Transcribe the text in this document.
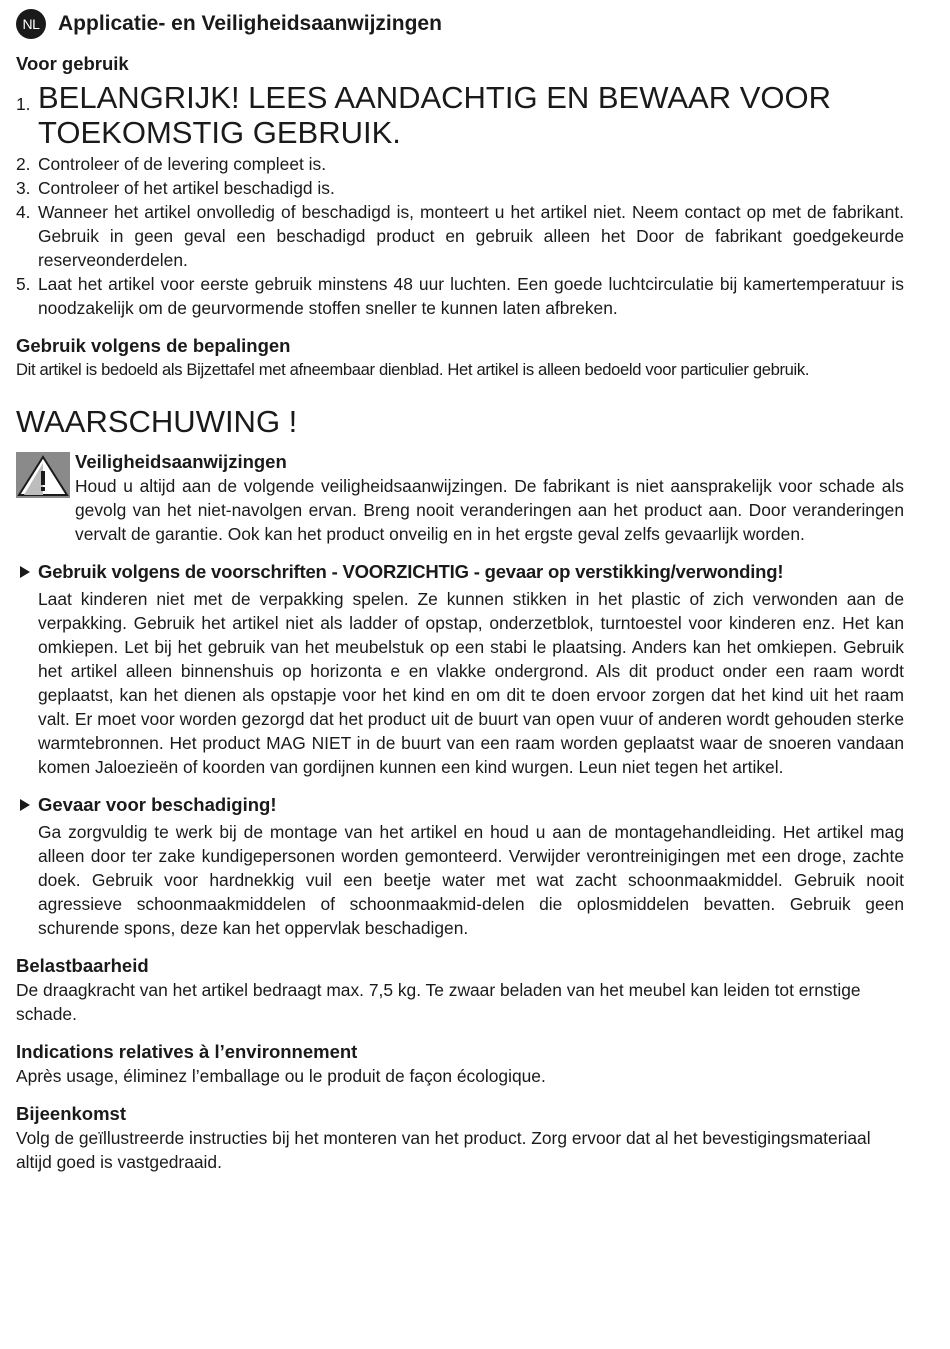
NL Applicatie- en Veiligheidsaanwijzingen
Voor gebruik
1. BELANGRIJK! LEES AANDACHTIG EN BEWAAR VOOR TOEKOMSTIG GEBRUIK.
2. Controleer of de levering compleet is.
3. Controleer of het artikel beschadigd is.
4. Wanneer het artikel onvolledig of beschadigd is, monteert u het artikel niet. Neem contact op met de fabrikant. Gebruik in geen geval een beschadigd product en gebruik alleen het Door de fabrikant goedgekeurde reserveonderdelen.
5. Laat het artikel voor eerste gebruik minstens 48 uur luchten. Een goede luchtcirculatie bij kamertemperatuur is noodzakelijk om de geurvormende stoffen sneller te kunnen laten afbreken.
Gebruik volgens de bepalingen

Dit artikel is bedoeld als Bijzettafel met afneembaar dienblad. Het artikel is alleen bedoeld voor particulier gebruik.

WAARSCHUWING !
Veiligheidsaanwijzingen

Houd u altijd aan de volgende veiligheidsaanwijzingen. De fabrikant is niet aansprakelijk voor schade als gevolg van het niet-navolgen ervan. Breng nooit veranderingen aan het product aan. Door veranderingen vervalt de garantie. Ook kan het product onveilig en in het ergste geval zelfs gevaarlijk worden.

Gebruik volgens de voorschriften - VOORZICHTIG - gevaar op verstikking/verwonding!

Laat kinderen niet met de verpakking spelen. Ze kunnen stikken in het plastic of zich verwonden aan de verpakking. Gebruik het artikel niet als ladder of opstap, onderzetblok, turntoestel voor kinderen enz. Het kan omkiepen. Let bij het gebruik van het meubelstuk op een stabi le plaatsing. Anders kan het omkiepen. Gebruik het artikel alleen binnenshuis op horizonta e en vlakke ondergrond. Als dit product onder een raam wordt geplaatst, kan het dienen als opstapje voor het kind en om dit te doen ervoor zorgen dat het kind uit het raam valt. Er moet voor worden gezorgd dat het product uit de buurt van open vuur of anderen wordt gehouden sterke warmtebronnen. Het product MAG NIET in de buurt van een raam worden geplaatst waar de snoeren vandaan komen Jaloezieën of koorden van gordijnen kunnen een kind wurgen. Leun niet tegen het artikel.

Gevaar voor beschadiging!

Ga zorgvuldig te werk bij de montage van het artikel en houd u aan de montagehandleiding. Het artikel mag alleen door ter zake kundigepersonen worden gemonteerd. Verwijder verontreinigingen met een droge, zachte doek. Gebruik voor hardnekkig vuil een beetje water met wat zacht schoonmaakmiddel. Gebruik nooit agressieve schoonmaakmiddelen of schoonmaakmid-delen die oplosmiddelen bevatten. Gebruik geen schurende spons, deze kan het oppervlak beschadigen.

Belastbaarheid

De draagkracht van het artikel bedraagt max. 7,5 kg. Te zwaar beladen van het meubel kan leiden tot ernstige schade.

Indications relatives à l’environnement

Après usage, éliminez l’emballage ou le produit de façon écologique.

Bijeenkomst

Volg de geïllustreerde instructies bij het monteren van het product. Zorg ervoor dat al het bevestigingsmateriaal altijd goed is vastgedraaid.
